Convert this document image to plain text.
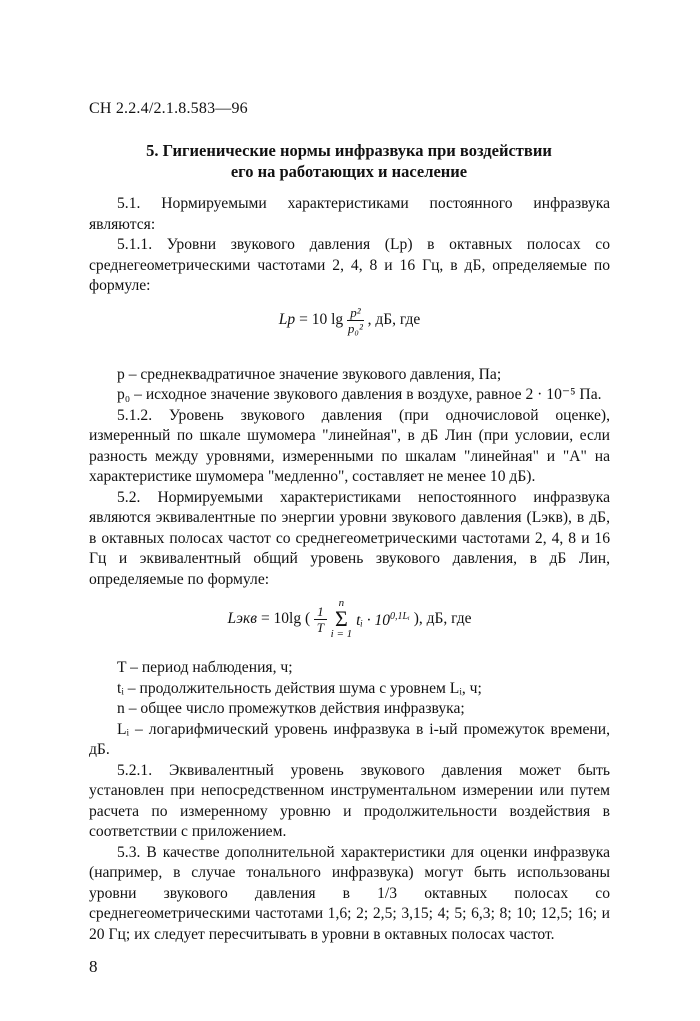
СН 2.2.4/2.1.8.583—96
5. Гигиенические нормы инфразвука при воздействии
его на работающих и население

5.1. Нормируемыми характеристиками постоянного инфразвука являются:

5.1.1. Уровни звукового давления (Lp) в октавных полосах со среднегеометрическими частотами 2, 4, 8 и 16 Гц, в дБ, определяемые по формуле:

Lp = 10 $\lg \frac{\text{p²}}{\text{p₀²}}$ , дБ, где

p – среднеквадратичное значение звукового давления, Па;

p₀ – исходное значение звукового давления в воздухе, равное 2 · 10⁻⁵ Па.

5.1.2. Уровень звукового давления (при одночисловой оценке), измеренный по шкале шумомера "линейная", в дБ Лин (при условии, если разность между уровнями, измеренными по шкалам "линейная" и "А" на характеристике шумомера "медленно", составляет не менее 10 дБ).

5.2. Нормируемыми характеристиками непостоянного инфразвука являются эквивалентные по энергии уровни звукового давления (Lэкв), в дБ, в октавных полосах частот со среднегеометрическими частотами 2, 4, 8 и 16 Гц и эквивалентный общий уровень звукового давления, в дБ Лин, определяемые по формуле:

Lэкв = 10lg ( $\frac{1}{T}$
n
Σ
i = 1
tᵢ · $10^{0,1Lᵢ}$ ), дБ, где

T – период наблюдения, ч;

tᵢ – продолжительность действия шума с уровнем Lᵢ, ч;

n – общее число промежутков действия инфразвука;

Lᵢ – логарифмический уровень инфразвука в i-ый промежуток времени, дБ.

5.2.1. Эквивалентный уровень звукового давления может быть установлен при непосредственном инструментальном измерении или путем расчета по измеренному уровню и продолжительности воздействия в соответствии с приложением.

5.3. В качестве дополнительной характеристики для оценки инфразвука (например, в случае тонального инфразвука) могут быть использованы уровни звукового давления в 1/3 октавных полосах со среднегеометрическими частотами 1,6; 2; 2,5; 3,15; 4; 5; 6,3; 8; 10; 12,5; 16; и 20 Гц; их следует пересчитывать в уровни в октавных полосах частот.

8
